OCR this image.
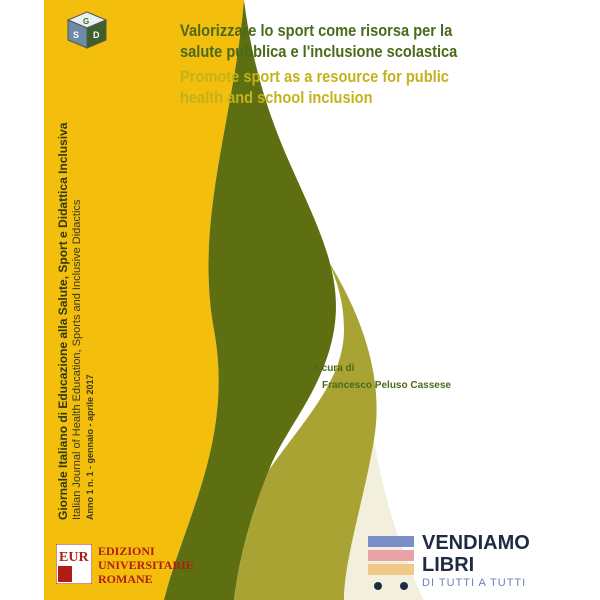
G
S D	Valorizzare lo sport come risorsa per la salute pubblica e l'inclusione scolastica

Promote sport as a resource for public health and school inclusion

A cura di

Francesco Peluso Cassese

Giornale Italiano di Educazione alla Salute, Sport e Didattica Inclusiva Italian Journal of Health Education, Sports and Inclusive Didactics Anno 1 n. 1 - gennaio - aprile 2017

EUR EDIZIONI
UNIVERSITARIE
ROMANE
VENDIAMO
LIBRI
DI TUTTI A TUTTI
